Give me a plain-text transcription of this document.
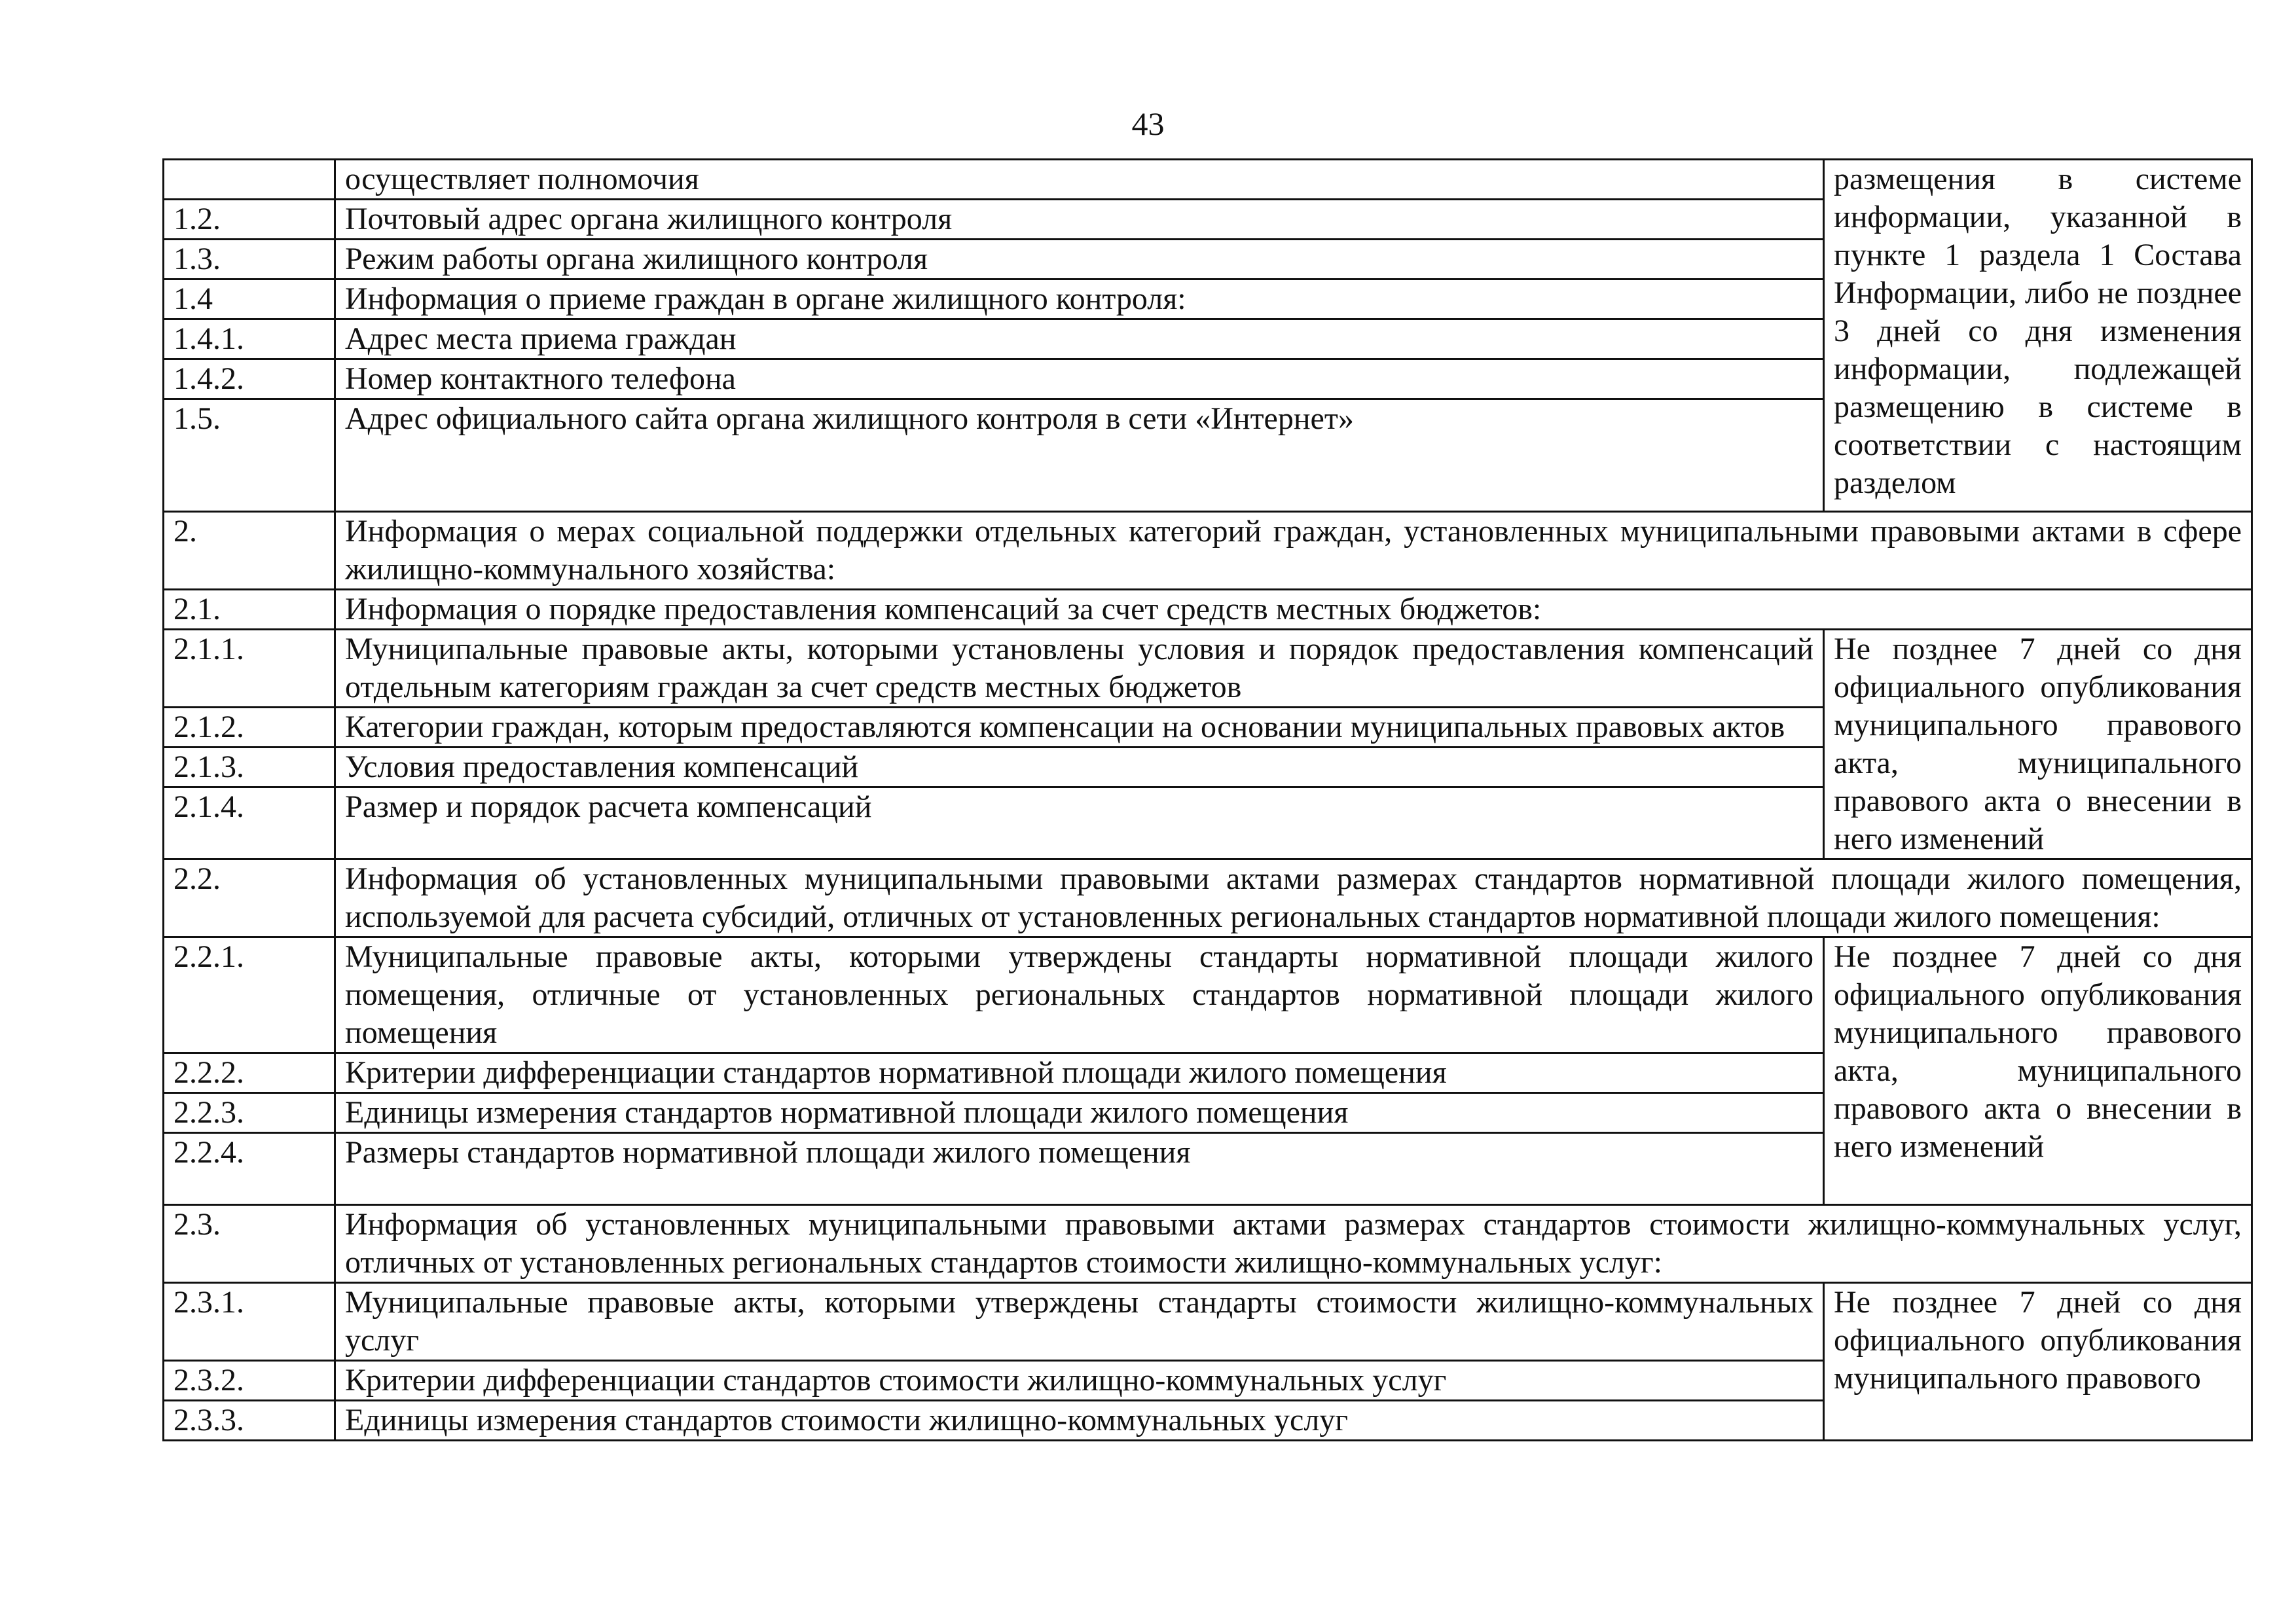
43
	осуществляет полномочия	размещения в системе информации, указанной в пункте 1 раздела 1 Состава Информации, либо не позднее 3 дней со дня изменения информации, подлежащей размещению в системе в соответствии с настоящим разделом
1.2.	Почтовый адрес органа жилищного контроля	
1.3.	Режим работы органа жилищного контроля	
1.4	Информация о приеме граждан в органе жилищного контроля:	
1.4.1.	Адрес места приема граждан	
1.4.2.	Номер контактного телефона	
1.5.	Адрес официального сайта органа жилищного контроля в сети «Интернет»	
2.	Информация о мерах социальной поддержки отдельных категорий граждан, установленных муниципальными правовыми актами в сфере жилищно-коммунального хозяйства:	
2.1.	Информация о порядке предоставления компенсаций за счет средств местных бюджетов:	
2.1.1.	Муниципальные правовые акты, которыми установлены условия и порядок предоставления компенсаций отдельным категориям граждан за счет средств местных бюджетов	Не позднее 7 дней со дня официального опубликования муниципального правового акта, муниципального правового акта о внесении в него изменений
2.1.2.	Категории граждан, которым предоставляются компенсации на основании муниципальных правовых актов	
2.1.3.	Условия предоставления компенсаций	
2.1.4.	Размер и порядок расчета компенсаций	
2.2.	Информация об установленных муниципальными правовыми актами размерах стандартов нормативной площади жилого помещения, используемой для расчета субсидий, отличных от установленных региональных стандартов нормативной площади жилого помещения:	
2.2.1.	Муниципальные правовые акты, которыми утверждены стандарты нормативной площади жилого помещения, отличные от установленных региональных стандартов нормативной площади жилого помещения	Не позднее 7 дней со дня официального опубликования муниципального правового акта, муниципального правового акта о внесении в него изменений
2.2.2.	Критерии дифференциации стандартов нормативной площади жилого помещения	
2.2.3.	Единицы измерения стандартов нормативной площади жилого помещения	
2.2.4.	Размеры стандартов нормативной площади жилого помещения	
2.3.	Информация об установленных муниципальными правовыми актами размерах стандартов стоимости жилищно-коммунальных услуг, отличных от установленных региональных стандартов стоимости жилищно-коммунальных услуг:	
2.3.1.	Муниципальные правовые акты, которыми утверждены стандарты стоимости жилищно-коммунальных услуг	Не позднее 7 дней со дня официального опубликования муниципального правового
2.3.2.	Критерии дифференциации стандартов стоимости жилищно-коммунальных услуг	
2.3.3.	Единицы измерения стандартов стоимости жилищно-коммунальных услуг	
